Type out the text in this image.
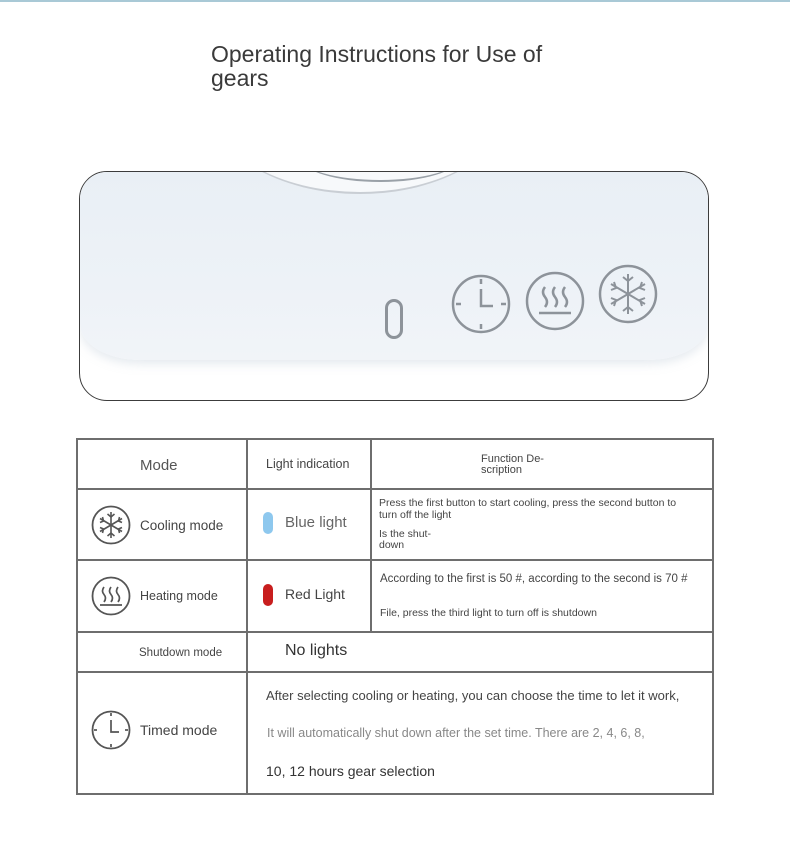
Operating Instructions for Use of gears
Mode	Light indication	Function De-
scription
Cooling mode	Blue light
Press the first button to start cooling, press the second button to
turn off the light
Is the shut-
down
Heating mode	Red Light
According to the first is 50 #, according to the second is 70 #
File, press the third light to turn off is shutdown
Shutdown mode	No lights
Timed mode
After selecting cooling or heating, you can choose the time to let it work,
It will automatically shut down after the set time. There are 2, 4, 6, 8,
10, 12 hours gear selection
